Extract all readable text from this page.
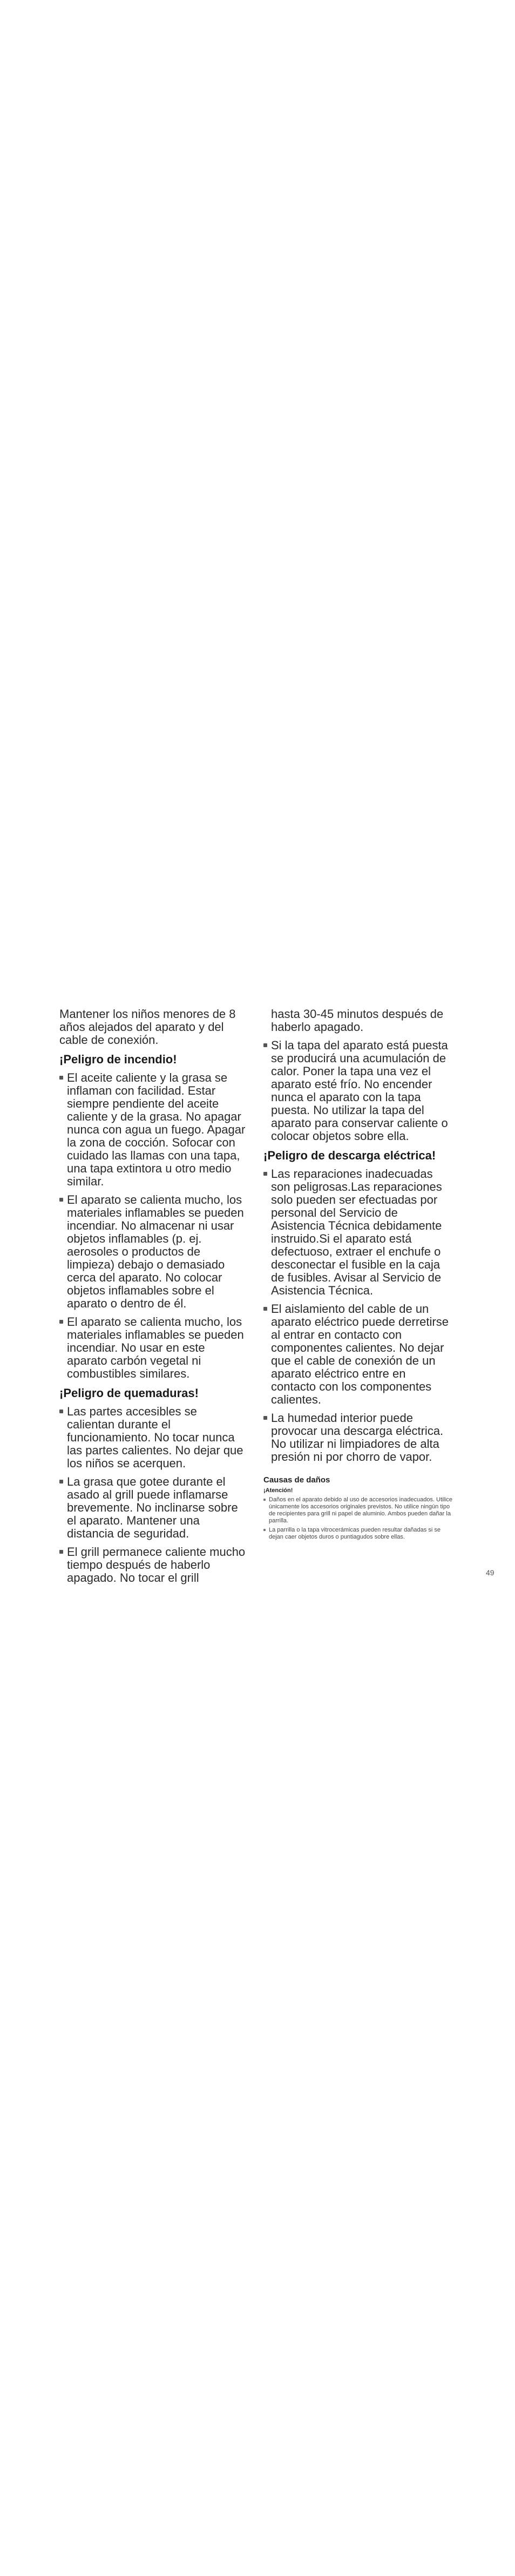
Mantener los niños menores de 8 años alejados del aparato y del cable de conexión.

¡Peligro de incendio!
El aceite caliente y la grasa se inflaman con facilidad. Estar siempre pendiente del aceite caliente y de la grasa. No apagar nunca con agua un fuego. Apagar la zona de cocción. Sofocar con cuidado las llamas con una tapa, una tapa extintora u otro medio similar.
El aparato se calienta mucho, los materiales inflamables se pueden incendiar. No almacenar ni usar objetos inflamables (p. ej. aerosoles o productos de limpieza) debajo o demasiado cerca del aparato. No colocar objetos inflamables sobre el aparato o dentro de él.
El aparato se calienta mucho, los materiales inflamables se pueden incendiar. No usar en este aparato carbón vegetal ni combustibles similares.
¡Peligro de quemaduras!
Las partes accesibles se calientan durante el funcionamiento. No tocar nunca las partes calientes. No dejar que los niños se acerquen.
La grasa que gotee durante el asado al grill puede inflamarse brevemente. No inclinarse sobre el aparato. Mantener una distancia de seguridad.
El grill permanece caliente mucho tiempo después de haberlo apagado. No tocar el grill

hasta 30-45 minutos después de haberlo apagado.

Si la tapa del aparato está puesta se producirá una acumulación de calor. Poner la tapa una vez el aparato esté frío. No encender nunca el aparato con la tapa puesta. No utilizar la tapa del aparato para conservar caliente o colocar objetos sobre ella.
¡Peligro de descarga eléctrica!
Las reparaciones inadecuadas son peligrosas.Las reparaciones solo pueden ser efectuadas por personal del Servicio de Asistencia Técnica debidamente instruido.Si el aparato está defectuoso, extraer el enchufe o desconectar el fusible en la caja de fusibles. Avisar al Servicio de Asistencia Técnica.
El aislamiento del cable de un aparato eléctrico puede derretirse al entrar en contacto con componentes calientes. No dejar que el cable de conexión de un aparato eléctrico entre en contacto con los componentes calientes.
La humedad interior puede provocar una descarga eléctrica. No utilizar ni limpiadores de alta presión ni por chorro de vapor.
Causas de daños
¡Atención!
Daños en el aparato debido al uso de accesorios inadecuados. Utilice únicamente los accesorios originales previstos. No utilice ningún tipo de recipientes para grill ni papel de aluminio. Ambos pueden dañar la parrilla.
La parrilla o la tapa vitrocerámicas pueden resultar dañadas si se dejan caer objetos duros o puntiagudos sobre ellas.
49
